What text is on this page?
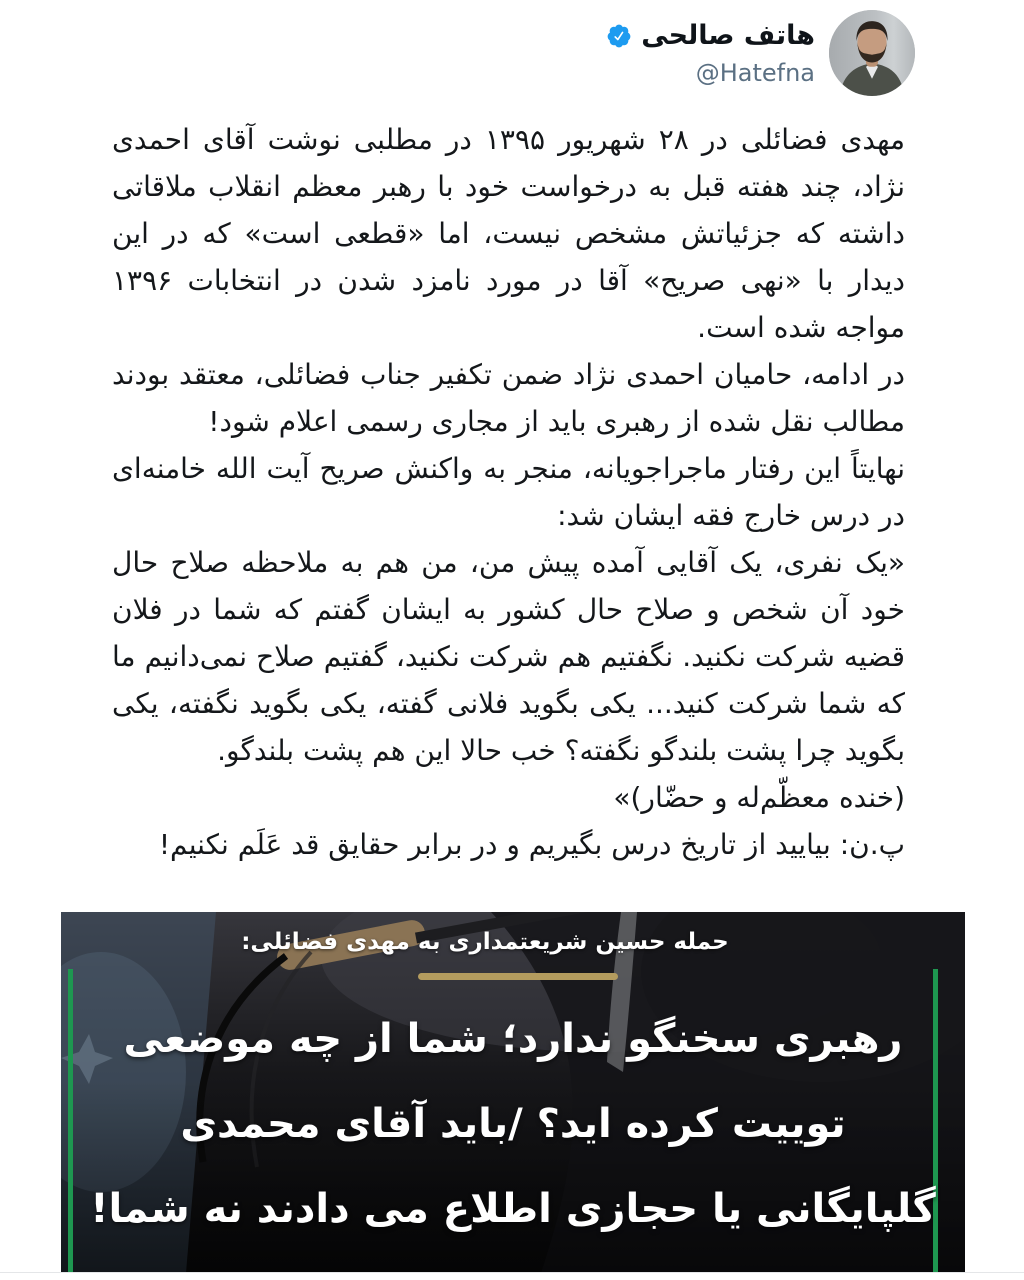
هاتف صالحی
@Hatefna

مهدی فضائلی در ۲۸ شهریور ۱۳۹۵ در مطلبی نوشت آقای احمدی نژاد، چند هفته قبل به درخواست خود با رهبر معظم انقلاب ملاقاتی داشته که جزئیاتش مشخص نیست، اما «قطعی است» که در این دیدار با «نهی صریح» آقا در مورد نامزد شدن در انتخابات ۱۳۹۶ مواجه شده است.

در ادامه، حامیان احمدی نژاد ضمن تکفیر جناب فضائلی، معتقد بودند مطالب نقل شده از رهبری باید از مجاری رسمی اعلام شود!

نهایتاً این رفتار ماجراجویانه، منجر به واکنش صریح آیت الله خامنه‌ای در درس خارج فقه ایشان شد:

«یک نفری، یک آقایی آمده پیش من، من هم به ملاحظه صلاح حال خود آن شخص و صلاح حال کشور به ایشان گفتم که شما در فلان قضیه شرکت نکنید. نگفتیم هم شرکت نکنید، گفتیم صلاح نمی‌دانیم ما که شما شرکت کنید... یکی بگوید فلانی گفته، یکی بگوید نگفته، یکی بگوید چرا پشت بلندگو نگفته؟ خب حالا این هم پشت بلندگو.

(خنده معظّم‌له و حضّار)»

پ.ن: بیایید از تاریخ درس بگیریم و در برابر حقایق قد عَلَم نکنیم!

حمله حسین شریعتمداری به مهدی فضائلی:
رهبری سخنگو ندارد؛ شما از چه موضعی
توییت کرده اید؟ /باید آقای محمدی
گلپایگانی یا حجازی اطلاع می دادند نه شما!
